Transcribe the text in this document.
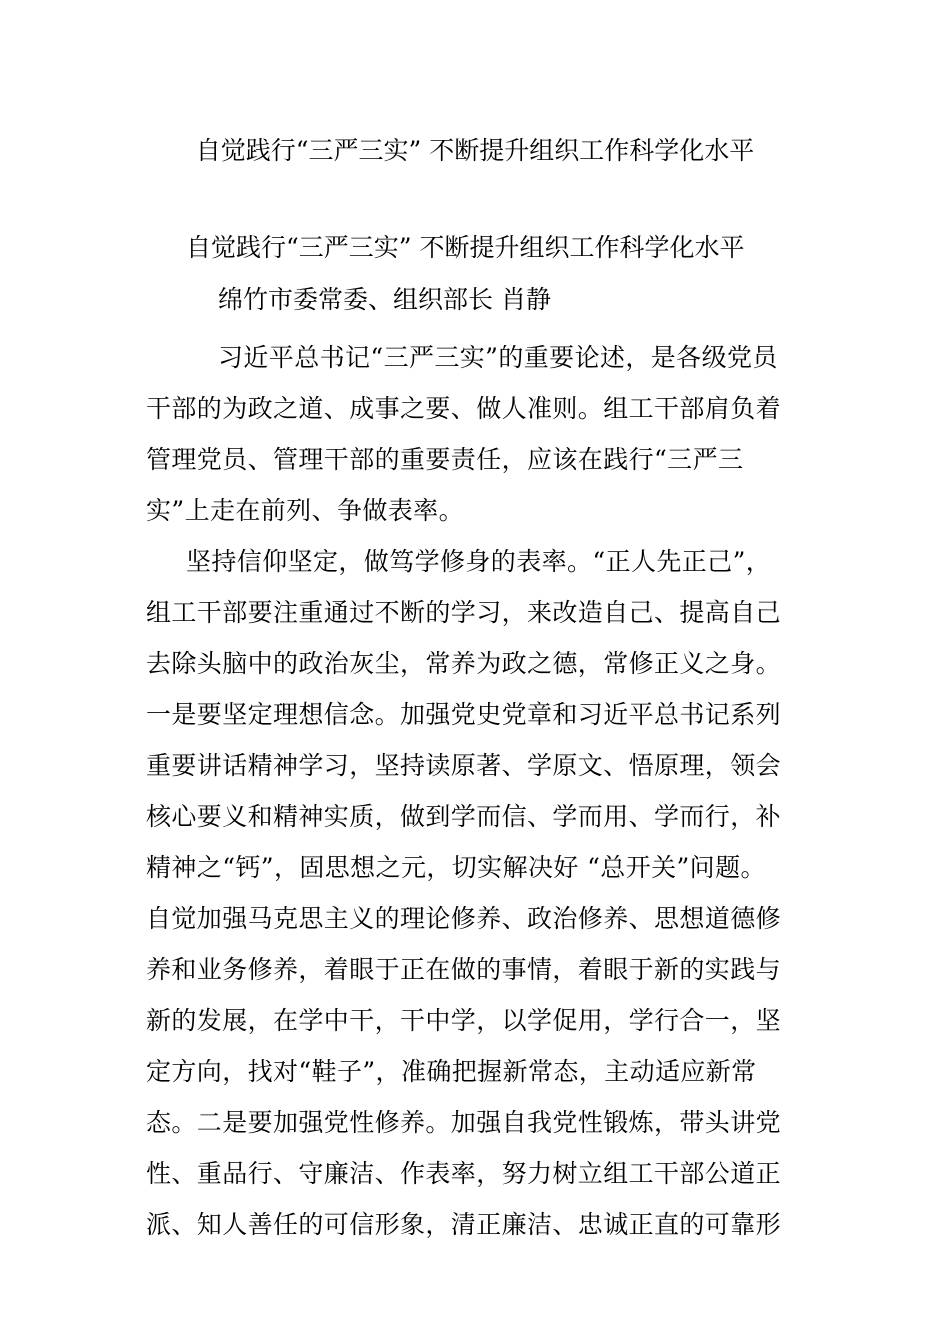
自觉践行“三严三实” 不断提升组织工作科学化水平
自觉践行“三严三实” 不断提升组织工作科学化水平
绵竹市委常委、组织部长 肖静
习近平总书记“三严三实”的重要论述，是各级党员
干部的为政之道、成事之要、做人准则。组工干部肩负着
管理党员、管理干部的重要责任，应该在践行“三严三
实”上走在前列、争做表率。
坚持信仰坚定，做笃学修身的表率。“正人先正己”，
组工干部要注重通过不断的学习，来改造自己、提高自己
去除头脑中的政治灰尘，常养为政之德，常修正义之身。
一是要坚定理想信念。加强党史党章和习近平总书记系列
重要讲话精神学习，坚持读原著、学原文、悟原理，领会
核心要义和精神实质，做到学而信、学而用、学而行，补
精神之“钙”，固思想之元，切实解决好 “总开关”问题。
自觉加强马克思主义的理论修养、政治修养、思想道德修
养和业务修养，着眼于正在做的事情，着眼于新的实践与
新的发展，在学中干，干中学，以学促用，学行合一，坚
定方向，找对“鞋子”，准确把握新常态，主动适应新常
态。二是要加强党性修养。加强自我党性锻炼，带头讲党
性、重品行、守廉洁、作表率，努力树立组工干部公道正
派、知人善任的可信形象，清正廉洁、忠诚正直的可靠形
